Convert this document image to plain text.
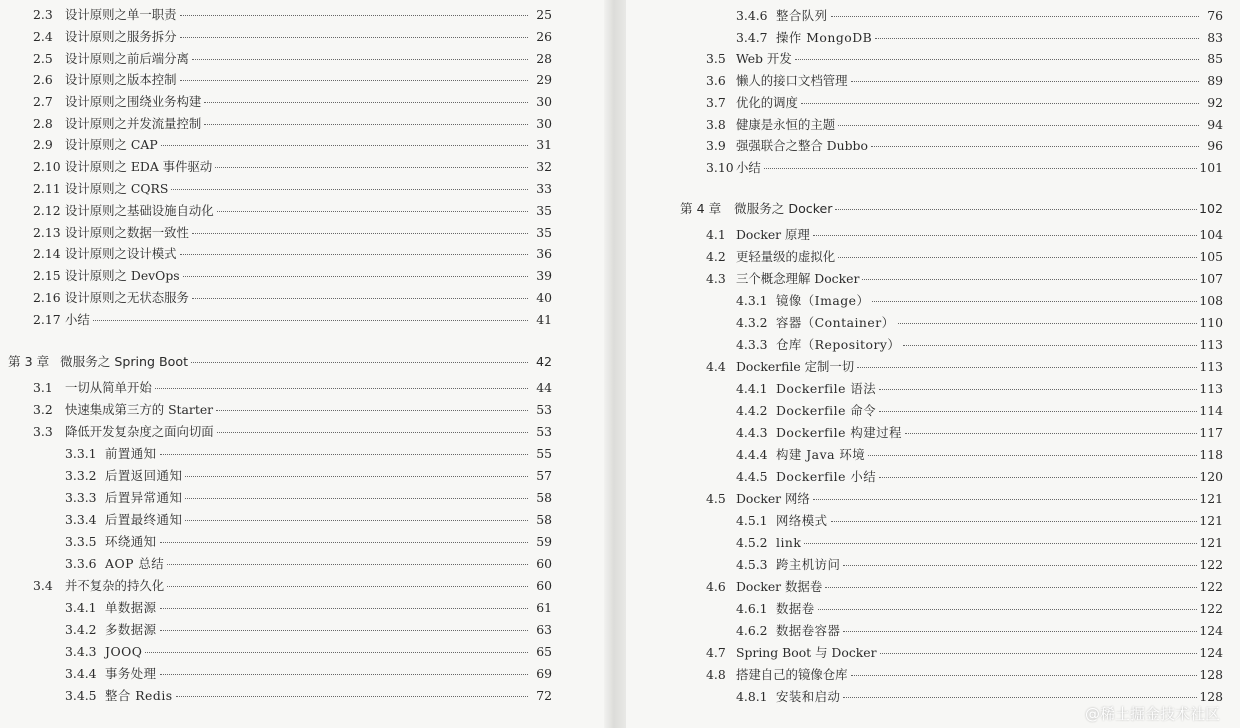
2.3 设计原则之单一职责	25
2.4 设计原则之服务拆分	26
2.5 设计原则之前后端分离	28
2.6 设计原则之版本控制	29
2.7 设计原则之围绕业务构建	30
2.8 设计原则之并发流量控制	30
2.9 设计原则之 CAP	31
2.10 设计原则之 EDA 事件驱动	32
2.11 设计原则之 CQRS	33
2.12 设计原则之基础设施自动化	35
2.13 设计原则之数据一致性	35
2.14 设计原则之设计模式	36
2.15 设计原则之 DevOps	39
2.16 设计原则之无状态服务	40
2.17 小结	41
第 3 章 微服务之 Spring Boot	42
3.1 一切从简单开始	44
3.2 快速集成第三方的 Starter	53
3.3 降低开发复杂度之面向切面	53
3.3.1 前置通知	55
3.3.2 后置返回通知	57
3.3.3 后置异常通知	58
3.3.4 后置最终通知	58
3.3.5 环绕通知	59
3.3.6 AOP 总结	60
3.4 并不复杂的持久化	60
3.4.1 单数据源	61
3.4.2 多数据源	63
3.4.3 JOOQ	65
3.4.4 事务处理	69
3.4.5 整合 Redis	72
3.4.6 整合队列	76
3.4.7 操作 MongoDB	83
3.5 Web 开发	85
3.6 懒人的接口文档管理	89
3.7 优化的调度	92
3.8 健康是永恒的主题	94
3.9 强强联合之整合 Dubbo	96
3.10 小结	101
第 4 章	微服务之 Docker	102
4.1 Docker 原理	104
4.2 更轻量级的虚拟化	105
4.3 三个概念理解 Docker	107
4.3.1 镜像（Image）	108
4.3.2 容器（Container）	110
4.3.3 仓库（Repository）	113
4.4 Dockerfile 定制一切	113
4.4.1 Dockerfile 语法	113
4.4.2 Dockerfile 命令	114
4.4.3 Dockerfile 构建过程	117
4.4.4 构建 Java 环境	118
4.4.5 Dockerfile 小结	120
4.5 Docker 网络	121
4.5.1 网络模式	121
4.5.2 link	121
4.5.3 跨主机访问	122
4.6 Docker 数据卷	122
4.6.1 数据卷	122
4.6.2 数据卷容器	124
4.7 Spring Boot 与 Docker	124
4.8 搭建自己的镜像仓库	128
4.8.1 安装和启动	128
@稀土掘金技术社区
